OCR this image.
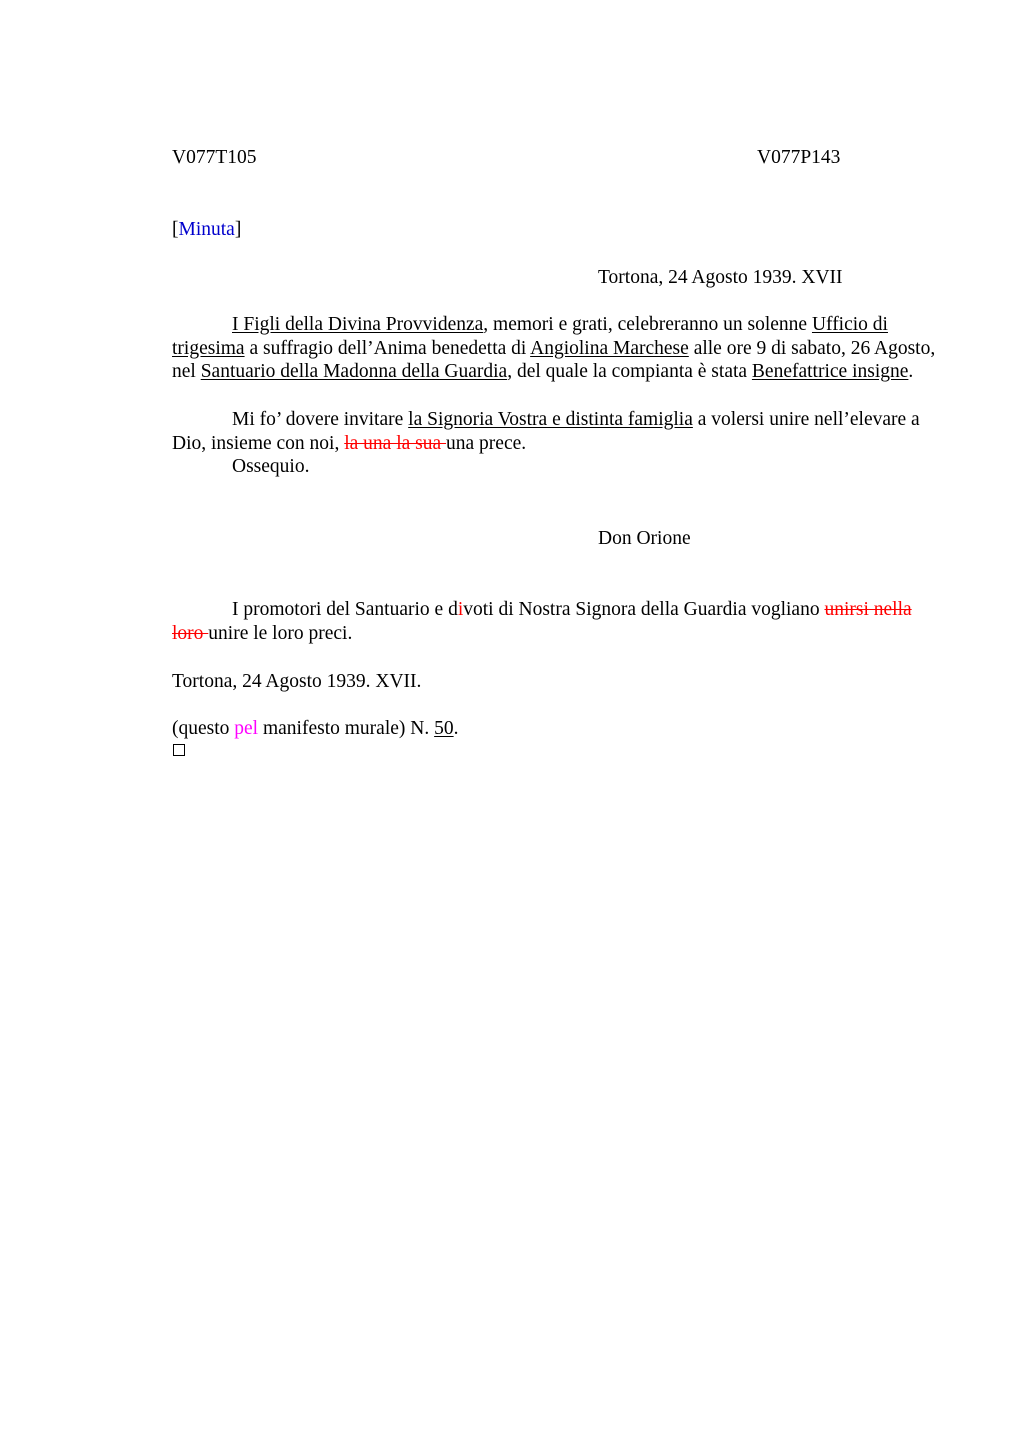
V077T105	V077P143
[Minuta]
Tortona, 24 Agosto 1939. XVII
I Figli della Divina Provvidenza, memori e grati, celebreranno un solenne Ufficio di trigesima a suffragio dell’Anima benedetta di Angiolina Marchese alle ore 9 di sabato, 26 Agosto, nel Santuario della Madonna della Guardia, del quale la compianta è stata Benefattrice insigne.
Mi fo’ dovere invitare la Signoria Vostra e distinta famiglia a volersi unire nell’elevare a Dio, insieme con noi, la una la sua una prece.
Ossequio.
Don Orione
I promotori del Santuario e divoti di Nostra Signora della Guardia vogliano unirsi nella loro unire le loro preci.
Tortona, 24 Agosto 1939. XVII.
(questo pel manifesto murale) N. 50.
